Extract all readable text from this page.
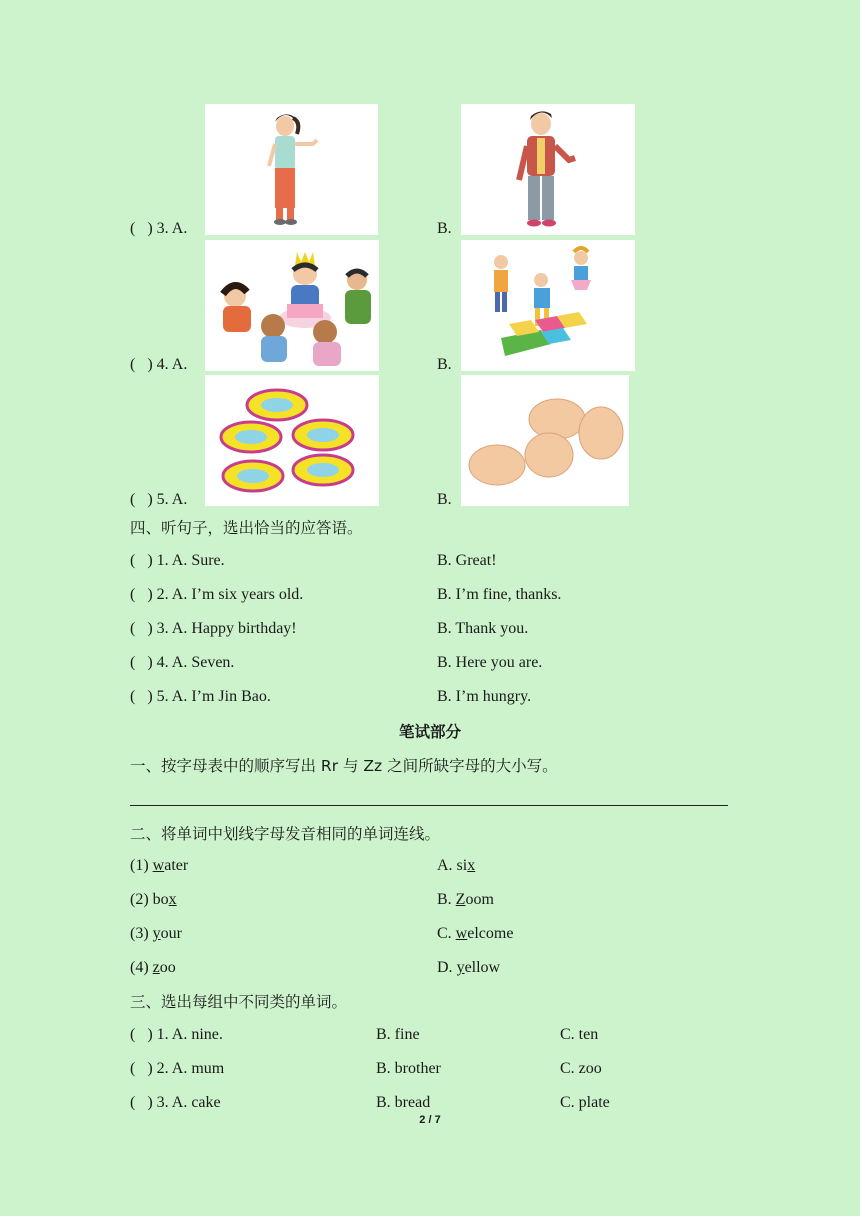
(   ) 3. A.	B.
(   ) 4. A.	B.
(   ) 5. A.	B.
四、听句子，选出恰当的应答语。
(   ) 1. A. Sure.	B. Great!
(   ) 2. A. I’m six years old.	B. I’m fine, thanks.
(   ) 3. A. Happy birthday!	B. Thank you.
(   ) 4. A. Seven.	B. Here you are.
(   ) 5. A. I’m Jin Bao.	B. I’m hungry.
笔试部分
一、按字母表中的顺序写出 Rr 与 Zz 之间所缺字母的大小写。
二、将单词中划线字母发音相同的单词连线。
(1) water	A. six
(2) box	B. Zoom
(3) your	C. welcome
(4) zoo	D. yellow
三、选出每组中不同类的单词。
(   ) 1. A. nine.	B. fine	C. ten
(   ) 2. A. mum	B. brother	C. zoo
(   ) 3. A. cake	B. bread	C. plate
2 / 7
